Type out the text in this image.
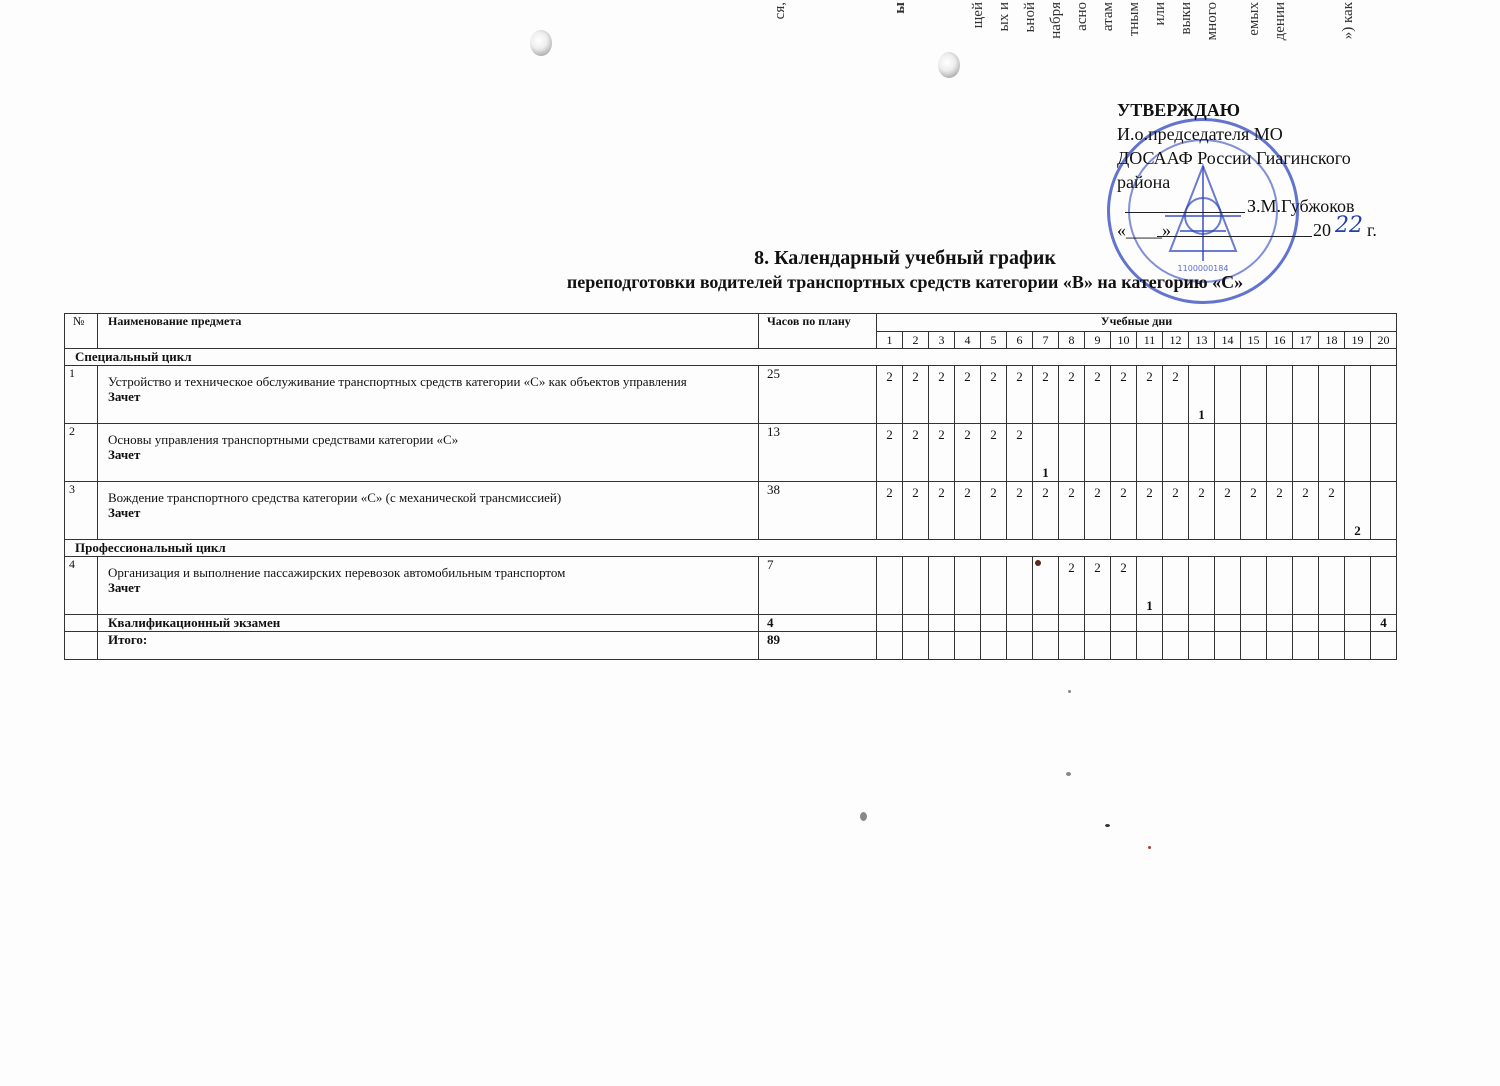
ся,	ы	щей ых и ьной набря асно атам тным или выки много емых дении	») как
1100000184
УТВЕРЖДАЮ
И.о.председателя МО
ДОСААФ России Гиагинского
района
З.М.Губжоков
«____»	20 22 г.
8. Календарный учебный график
переподготовки водителей транспортных средств категории «В» на категорию «С»
№	Наименование предмета	Часов по плану	Учебные дни																			
			1	2	3	4	5	6	7	8	9	10	11	12	13	14	15	16	17	18	19	20
Специальный цикл																						
1	Устройство и техническое обслуживание транспортных средств категории «С» как объектов управления
Зачет	25	2	2	2	2	2	2	2	2	2	2	2	2	1							

2	Основы управления транспортными средствами категории «С»
Зачет	13	2	2	2	2	2	2	1													

3	Вождение транспортного средства категории «С» (с механической трансмиссией)
Зачет	38	2	2	2	2	2	2	2	2	2	2	2	2	2	2	2	2	2	2	2	

Профессиональный цикл																						
4	Организация и выполнение пассажирских перевозок автомобильным транспортом
Зачет	7								2	2	2	1									

	Квалификационный экзамен	4																				4
	Итого:	89																				
